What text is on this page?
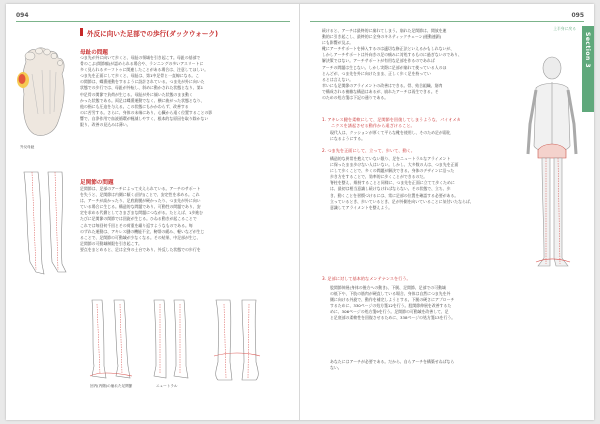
094
外反に向いた足部での歩行(ダックウォーク)
外反母趾
母趾の問題
つま先が外に向いて歩くと、母趾の領域を引き起こす。母趾の基部で
骨のこぶ(関節瘤)が認められる場合や、ランニングの多いアスリートに
多く見られるターフトゥに関連したことがある場合は、注意してほしい。
つま先を正面にして歩くと、母趾は、第1中足骨と一直線になる。こ
の関節は、蝶番運動をするように設計されている。つま先が外に向いた
状態での歩行では、母趾が外転し、斜めに動かされた状態となり、第1
中足骨の関節で負荷が生じる。母趾が外に傾いた状態のまま動く
かった状態である。両足は蝶番運動でなく、横に曲がった状態となり、
他の指にも圧迫を与える。この状態にもかかわらず、改善する
のに苦労する。さらに、身体の末端にあり、心臓から遠く位置することの影
響で、自浄作用で血液循環が軽減しやすく、根本的な原因を取り除かない
限り、改善の見込みは薄い。
足関節の問題
足関節は、足部のアーチによって支えられている。アーチのサポート
を失うと、足関節は内側に傾く(回内)ことで、安定性を求める。これ
は、アーチが高かったり、足底筋膜が硬かったり、つま先が外に向い
ている場合に生じる。構造的な問題であり、可動性の問題であり、安
定を求める代償としてさまざまな問題につながる。たとえば、1歩進む
たびに足関節の関節では回旋が生じる。ひねる動きが起こることで
これでは毎回何千回とその荷重を繰り返すようなものである。毎
のずれた運動は、アキレス腱の機能不全、靭帯の緩み、軽いなどが生じ
ることで、足関節の可動域が少なくなる。その結果、中足部が生じ、
足関節の可動域制限を引き起こす。
要点をまとめると、足は全身の土台であり、外反した状態での歩行を
回内(内側)の崩れた足関節	ニュートラル
095
Section 3
上半身に戻る
続けると、アーチは最終的に崩れてしまう。崩れた足関節は、開放を連
動的に引き起こし、最終的に全身のキネティックチェーン(運動連鎖)
にも影響が及ぶ。
靴にアーチサポートを挿入するのは適切な修正法といえるかもしれないが、
しかしアーチサポートは外向きの足の痛みに対処するものに過ぎないのであり、
解決策ではない。アーチサポートが有用な足部を作るのであれば
アーチの問題は生じない。しかし実際に足部が崩れて使っている人のほ
とんどが、つま先を外に向けたまま、正しく歩く足を持ってい
るとは言えない。
幸いにも足関節のアライメントの改善はできる。骨、結合組織、筋肉
で構成される複雑な構造はあるが、崩れたアーチは再生できる。そ
のための処方箋は下記の通りである。
1. アキレス腱を柔軟にして、足関節を回復してしまうような、パイオメカ
ニクスを誘起させる動作から遠ざけること。
現代人は、クッションが厚くて平らな靴を使用し、そのため足が弱化
になるようにする。
2. つま先を正面にして、立って、歩いて、動く。
構造的な異常を抱えていない限り、足をニュートラルなアライメント
に保ったまま歩けない人はいない。しかし、大多数の人は、つま先を正面
にして歩くことで、多くの問題が解決できる。身体のデザインに沿った
歩き方をすることで、効率的に歩くことができるのだ。
脊柱を整え、維持することと同様に、つま先を正面に立てて歩くために
は、最初は相当意識し続けなければならない。その状態で、立ち、歩
き、動くことを習慣づけるには、常に足部の位置を確認する必要がある。
立っているとき、歩いているとき、足が外側を向いていることに気付いたならば、
意識してアライメントを整えよう。
3. 足部に対して基本的なメンテナンスを行う。
股関節伸展(身体の後方への動き)、下腿、足関節、足部での可動域
の低下や、下肢の筋肉が硬直している場合、身体は自然につま先を外
側に向ける外旋で、動作を補完しようとする。下腿の硬さにアプローチ
するために、330ページの処方箋12を行う。股関節伸展を改善するた
めに、306ページの処方箋9を行う。足関節の可動域を改善して、足
と足底部の柔軟性を回復させるために、338ページの処方箋13を行う。
あなたにはアーチが必要である。だから、自らアーチを構築せねばなら
ない。
